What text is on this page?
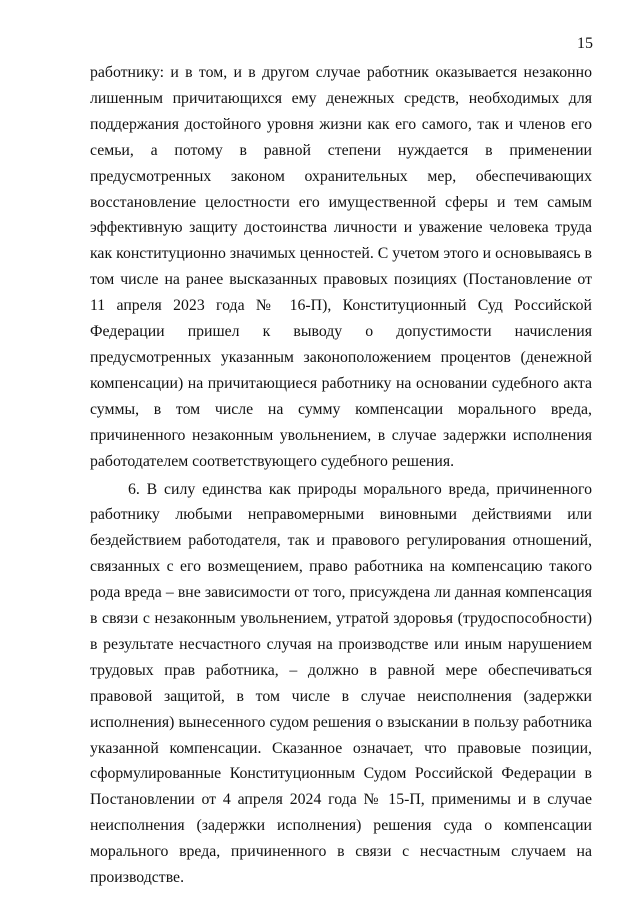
15

работнику: и в том, и в другом случае работник оказывается незаконно лишенным причитающихся ему денежных средств, необходимых для поддержания достойного уровня жизни как его самого, так и членов его семьи, а потому в равной степени нуждается в применении предусмотренных законом охранительных мер, обеспечивающих восстановление целостности его имущественной сферы и тем самым эффективную защиту достоинства личности и уважение человека труда как конституционно значимых ценностей. С учетом этого и основываясь в том числе на ранее высказанных правовых позициях (Постановление от 11 апреля 2023 года № 16-П), Конституционный Суд Российской Федерации пришел к выводу о допустимости начисления предусмотренных указанным законоположением процентов (денежной компенсации) на причитающиеся работнику на основании судебного акта суммы, в том числе на сумму компенсации морального вреда, причиненного незаконным увольнением, в случае задержки исполнения работодателем соответствующего судебного решения.

6. В силу единства как природы морального вреда, причиненного работнику любыми неправомерными виновными действиями или бездействием работодателя, так и правового регулирования отношений, связанных с его возмещением, право работника на компенсацию такого рода вреда – вне зависимости от того, присуждена ли данная компенсация в связи с незаконным увольнением, утратой здоровья (трудоспособности) в результате несчастного случая на производстве или иным нарушением трудовых прав работника, – должно в равной мере обеспечиваться правовой защитой, в том числе в случае неисполнения (задержки исполнения) вынесенного судом решения о взыскании в пользу работника указанной компенсации. Сказанное означает, что правовые позиции, сформулированные Конституционным Судом Российской Федерации в Постановлении от 4 апреля 2024 года № 15-П, применимы и в случае неисполнения (задержки исполнения) решения суда о компенсации морального вреда, причиненного в связи с несчастным случаем на производстве.
